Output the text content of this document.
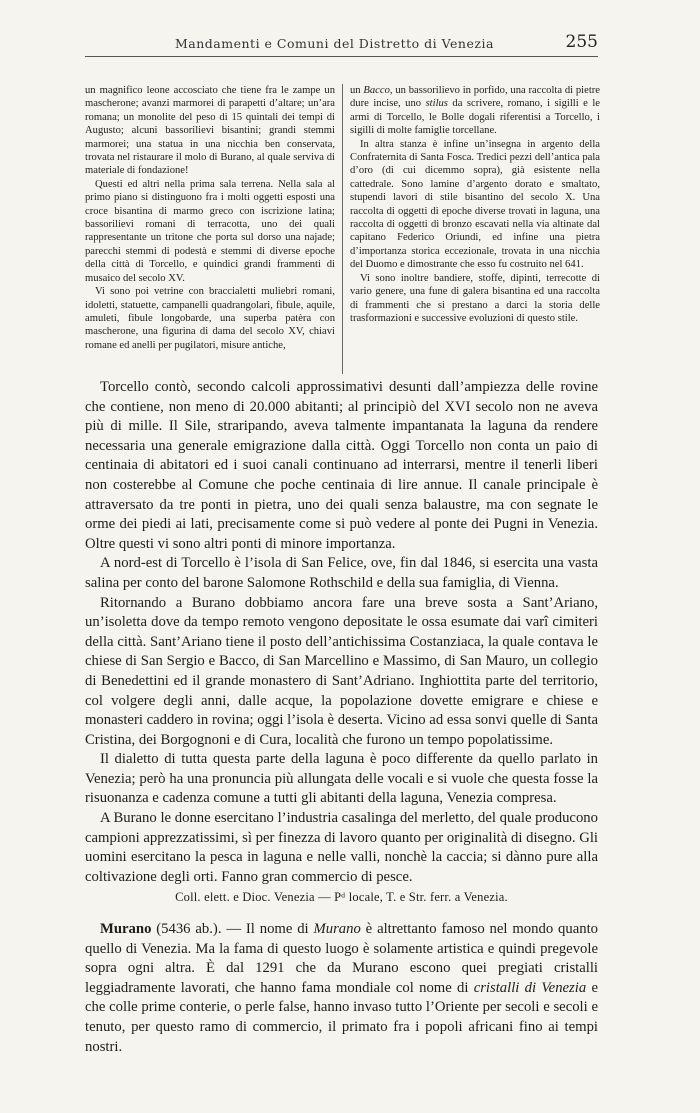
Mandamenti e Comuni del Distretto di Venezia	255

un magnifico leone accosciato che tiene fra le zampe un mascherone; avanzi marmorei di parapetti d’altare; un’ara romana; un monolite del peso di 15 quintali dei tempi di Augusto; alcuni bassorilievi bisantini; grandi stemmi marmorei; una statua in una nicchia ben conservata, trovata nel ristaurare il molo di Burano, al quale serviva di materiale di fondazione!

Questi ed altri nella prima sala terrena. Nella sala al primo piano si distinguono fra i molti oggetti esposti una croce bisantina di marmo greco con iscrizione latina; bassorilievi romani di terracotta, uno dei quali rappresentante un tritone che porta sul dorso una najade; parecchi stemmi di podestà e stemmi di diverse epoche della città di Torcello, e quindici grandi frammenti di musaico del secolo XV.

Vi sono poi vetrine con braccialetti muliebri romani, idoletti, statuette, campanelli quadrangolari, fibule, aquile, amuleti, fibule longobarde, una superba patèra con mascherone, una figurina di dama del secolo XV, chiavi romane ed anelli per pugilatori, misure antiche,

un Bacco, un bassorilievo in porfido, una raccolta di pietre dure incise, uno stilus da scrivere, romano, i sigilli e le armi di Torcello, le Bolle dogali riferentisi a Torcello, i sigilli di molte famiglie torcellane.

In altra stanza è infine un’insegna in argento della Confraternita di Santa Fosca. Tredici pezzi dell’antica pala d’oro (di cui dicemmo sopra), già esistente nella cattedrale. Sono lamine d’argento dorato e smaltato, stupendi lavori di stile bisantino del secolo X. Una raccolta di oggetti di epoche diverse trovati in laguna, una raccolta di oggetti di bronzo escavati nella via altinate dal capitano Federico Oriundi, ed infine una pietra d’importanza storica eccezionale, trovata in una nicchia del Duomo e dimostrante che esso fu costruito nel 641.

Vi sono inoltre bandiere, stoffe, dipinti, terrecotte di vario genere, una fune di galera bisantina ed una raccolta di frammenti che si prestano a darci la storia delle trasformazioni e successive evoluzioni di questo stile.

Torcello contò, secondo calcoli approssimativi desunti dall’ampiezza delle rovine che contiene, non meno di 20.000 abitanti; al principiò del XVI secolo non ne aveva più di mille. Il Sile, straripando, aveva talmente impantanata la laguna da rendere necessaria una generale emigrazione dalla città. Oggi Torcello non conta un paio di centinaia di abitatori ed i suoi canali continuano ad interrarsi, mentre il tenerli liberi non costerebbe al Comune che poche centinaia di lire annue. Il canale principale è attraversato da tre ponti in pietra, uno dei quali senza balaustre, ma con segnate le orme dei piedi ai lati, precisamente come si può vedere al ponte dei Pugni in Venezia. Oltre questi vi sono altri ponti di minore importanza.

A nord-est di Torcello è l’isola di San Felice, ove, fin dal 1846, si esercita una vasta salina per conto del barone Salomone Rothschild e della sua famiglia, di Vienna.

Ritornando a Burano dobbiamo ancora fare una breve sosta a Sant’Ariano, un’isoletta dove da tempo remoto vengono depositate le ossa esumate dai varî cimiteri della città. Sant’Ariano tiene il posto dell’antichissima Costanziaca, la quale contava le chiese di San Sergio e Bacco, di San Marcellino e Massimo, di San Mauro, un collegio di Benedettini ed il grande monastero di Sant’Adriano. Inghiottita parte del territorio, col volgere degli anni, dalle acque, la popolazione dovette emigrare e chiese e monasteri caddero in rovina; oggi l’isola è deserta. Vicino ad essa sonvi quelle di Santa Cristina, dei Borgognoni e di Cura, località che furono un tempo popolatissime.

Il dialetto di tutta questa parte della laguna è poco differente da quello parlato in Venezia; però ha una pronuncia più allungata delle vocali e si vuole che questa fosse la risuonanza e cadenza comune a tutti gli abitanti della laguna, Venezia compresa.

A Burano le donne esercitano l’industria casalinga del merletto, del quale producono campioni apprezzatissimi, sì per finezza di lavoro quanto per originalità di disegno. Gli uomini esercitano la pesca in laguna e nelle valli, nonchè la caccia; si dànno pure alla coltivazione degli orti. Fanno gran commercio di pesce.

Coll. elett. e Dioc. Venezia — Pᵈ locale, T. e Str. ferr. a Venezia.

Murano (5436 ab.). — Il nome di Murano è altrettanto famoso nel mondo quanto quello di Venezia. Ma la fama di questo luogo è solamente artistica e quindi pregevole sopra ogni altra. È dal 1291 che da Murano escono quei pregiati cristalli leggiadramente lavorati, che hanno fama mondiale col nome di cristalli di Venezia e che colle prime conterie, o perle false, hanno invaso tutto l’Oriente per secoli e secoli e tenuto, per questo ramo di commercio, il primato fra i popoli africani fino ai tempi nostri.
